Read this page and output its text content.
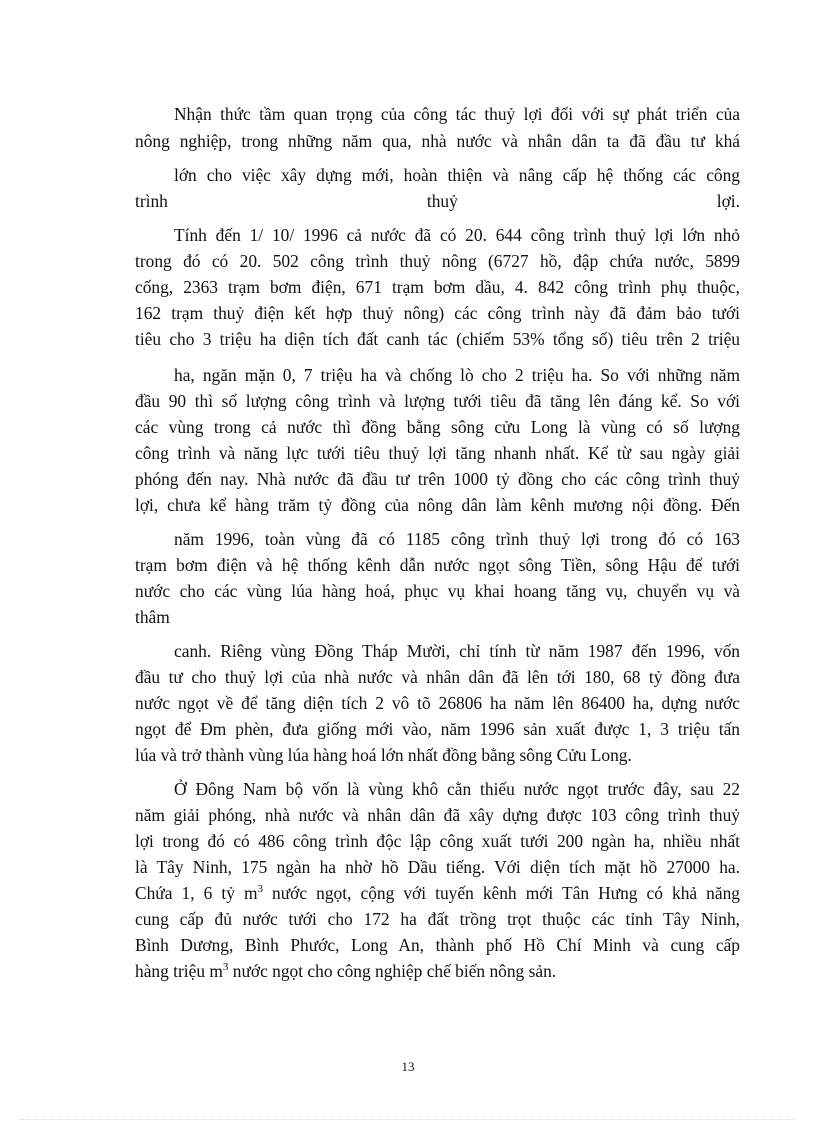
Nhận thức tầm quan trọng của công tác thuỷ lợi đối với sự phát triển của
nông nghiệp, trong những năm qua, nhà nước và nhân dân ta đã đầu tư khá
lớn cho việc xây dựng mới, hoàn thiện và nâng cấp hệ thống các công
trình	thuỷ	lợi.
Tính đến 1/ 10/ 1996 cả nước đã có 20. 644 công trình thuỷ lợi lớn nhỏ
trong đó có 20. 502 công trình thuỷ nông (6727 hồ, đập chứa nước, 5899
cống, 2363 trạm bơm điện, 671 trạm bơm dầu, 4. 842 công trình phụ thuộc,
162 trạm thuỷ điện kết hợp thuỷ nông) các công trình này đã đảm bảo tưới
tiêu cho 3 triệu ha diện tích đất canh tác (chiếm 53% tổng số) tiêu trên 2 triệu
ha, ngăn mặn 0, 7 triệu ha và chống lò cho 2 triệu ha. So với những năm
đầu 90 thì số lượng công trình và lượng tưới tiêu đã tăng lên đáng kể. So với
các vùng trong cả nước thì đồng bằng sông cửu Long là vùng có số lượng
công trình và năng lực tưới tiêu thuỷ lợi tăng nhanh nhất. Kể từ sau ngày giải
phóng đến nay. Nhà nước đã đầu tư trên 1000 tỷ đồng cho các công trình thuỷ
lợi, chưa kể hàng trăm tỷ đồng của nông dân làm kênh mương nội đồng. Đến
năm 1996, toàn vùng đã có 1185 công trình thuỷ lợi trong đó có 163
trạm bơm điện và hệ thống kênh dẫn nước ngọt sông Tiền, sông Hậu để tưới
nước cho các vùng lúa hàng hoá, phục vụ khai hoang tăng vụ, chuyển vụ và
thâm
canh. Riêng vùng Đồng Tháp Mười, chỉ tính từ năm 1987 đến 1996, vốn
đầu tư cho thuỷ lợi của nhà nước và nhân dân đã lên tới 180, 68 tỷ đồng đưa
nước ngọt về để tăng diện tích 2 vô tõ 26806 ha năm lên 86400 ha, dựng nước
ngọt để Đm phèn, đưa giống mới vào, năm 1996 sản xuất được 1, 3 triệu tấn
lúa và trở thành vùng lúa hàng hoá lớn nhất đồng bằng sông Cửu Long.
Ở Đông Nam bộ vốn là vùng khô cằn thiếu nước ngọt trước đây, sau 22
năm giải phóng, nhà nước và nhân dân đã xây dựng được 103 công trình thuỷ
lợi trong đó có 486 công trình độc lập công xuất tưới 200 ngàn ha, nhiều nhất
là Tây Ninh, 175 ngàn ha nhờ hồ Dầu tiếng. Với diện tích mặt hồ 27000 ha.
Chứa 1, 6 tỷ $m^3$ nước ngọt, cộng với tuyến kênh mới Tân Hưng có khả năng
cung cấp đủ nước tưới cho 172 ha đất trồng trọt thuộc các tỉnh Tây Ninh,
Bình Dương, Bình Phước, Long An, thành phố Hồ Chí Minh và cung cấp
hàng triệu $m^3$ nước ngọt cho công nghiệp chế biến nông sản.
13
